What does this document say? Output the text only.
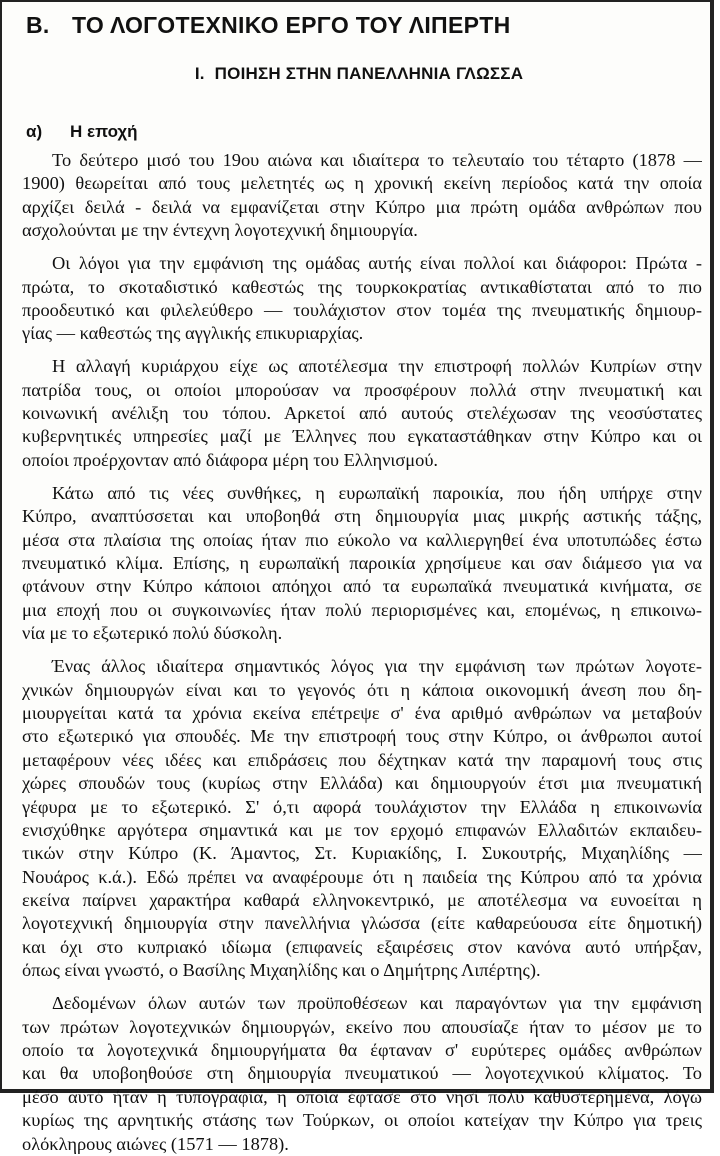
B. ΤΟ ΛΟΓΟΤΕΧΝΙΚΟ ΕΡΓΟ ΤΟΥ ΛΙΠΕΡΤΗ
I. ΠΟΙΗΣΗ ΣΤΗΝ ΠΑΝΕΛΛΗΝΙΑ ΓΛΩΣΣΑ
α) Η εποχή
Το δεύτερο μισό του 19ου αιώνα και ιδιαίτερα το τελευταίο του τέταρτο (1878 —
1900) θεωρείται από τους μελετητές ως η χρονική εκείνη περίοδος κατά την οποία
αρχίζει δειλά - δειλά να εμφανίζεται στην Κύπρο μια πρώτη ομάδα ανθρώπων που
ασχολούνται με την έντεχνη λογοτεχνική δημιουργία.
Οι λόγοι για την εμφάνιση της ομάδας αυτής είναι πολλοί και διάφοροι: Πρώτα -
πρώτα, το σκοταδιστικό καθεστώς της τουρκοκρατίας αντικαθίσταται από το πιο
προοδευτικό και φιλελεύθερο — τουλάχιστον στον τομέα της πνευματικής δημιουρ-
γίας — καθεστώς της αγγλικής επικυριαρχίας.
Η αλλαγή κυριάρχου είχε ως αποτέλεσμα την επιστροφή πολλών Κυπρίων στην
πατρίδα τους, οι οποίοι μπορούσαν να προσφέρουν πολλά στην πνευματική και
κοινωνική ανέλιξη του τόπου. Αρκετοί από αυτούς στελέχωσαν της νεοσύστατες
κυβερνητικές υπηρεσίες μαζί με Έλληνες που εγκαταστάθηκαν στην Κύπρο και οι
οποίοι προέρχονταν από διάφορα μέρη του Ελληνισμού.
Κάτω από τις νέες συνθήκες, η ευρωπαϊκή παροικία, που ήδη υπήρχε στην
Κύπρο, αναπτύσσεται και υποβοηθά στη δημιουργία μιας μικρής αστικής τάξης,
μέσα στα πλαίσια της οποίας ήταν πιο εύκολο να καλλιεργηθεί ένα υποτυπώδες έστω
πνευματικό κλίμα. Επίσης, η ευρωπαϊκή παροικία χρησίμευε και σαν διάμεσο για να
φτάνουν στην Κύπρο κάποιοι απόηχοι από τα ευρωπαϊκά πνευματικά κινήματα, σε
μια εποχή που οι συγκοινωνίες ήταν πολύ περιορισμένες και, επομένως, η επικοινω-
νία με το εξωτερικό πολύ δύσκολη.
Ένας άλλος ιδιαίτερα σημαντικός λόγος για την εμφάνιση των πρώτων λογοτε-
χνικών δημιουργών είναι και το γεγονός ότι η κάποια οικονομική άνεση που δη-
μιουργείται κατά τα χρόνια εκείνα επέτρεψε σ' ένα αριθμό ανθρώπων να μεταβούν
στο εξωτερικό για σπουδές. Με την επιστροφή τους στην Κύπρο, οι άνθρωποι αυτοί
μεταφέρουν νέες ιδέες και επιδράσεις που δέχτηκαν κατά την παραμονή τους στις
χώρες σπουδών τους (κυρίως στην Ελλάδα) και δημιουργούν έτσι μια πνευματική
γέφυρα με το εξωτερικό. Σ' ό,τι αφορά τουλάχιστον την Ελλάδα η επικοινωνία
ενισχύθηκε αργότερα σημαντικά και με τον ερχομό επιφανών Ελλαδιτών εκπαιδευ-
τικών στην Κύπρο (Κ. Άμαντος, Στ. Κυριακίδης, Ι. Συκουτρής, Μιχαηλίδης —
Νουάρος κ.ά.). Εδώ πρέπει να αναφέρουμε ότι η παιδεία της Κύπρου από τα χρόνια
εκείνα παίρνει χαρακτήρα καθαρά ελληνοκεντρικό, με αποτέλεσμα να ευνοείται η
λογοτεχνική δημιουργία στην πανελλήνια γλώσσα (είτε καθαρεύουσα είτε δημοτική)
και όχι στο κυπριακό ιδίωμα (επιφανείς εξαιρέσεις στον κανόνα αυτό υπήρξαν,
όπως είναι γνωστό, ο Βασίλης Μιχαηλίδης και ο Δημήτρης Λιπέρτης).
Δεδομένων όλων αυτών των προϋποθέσεων και παραγόντων για την εμφάνιση
των πρώτων λογοτεχνικών δημιουργών, εκείνο που απουσίαζε ήταν το μέσον με το
οποίο τα λογοτεχνικά δημιουργήματα θα έφταναν σ' ευρύτερες ομάδες ανθρώπων
και θα υποβοηθούσε στη δημιουργία πνευματικού — λογοτεχνικού κλίματος. Το
μέσο αυτό ήταν η τυπογραφία, η οποία έφτασε στο νησί πολύ καθυστερημένα, λόγω
κυρίως της αρνητικής στάσης των Τούρκων, οι οποίοι κατείχαν την Κύπρο για τρεις
ολόκληρους αιώνες (1571 — 1878).
